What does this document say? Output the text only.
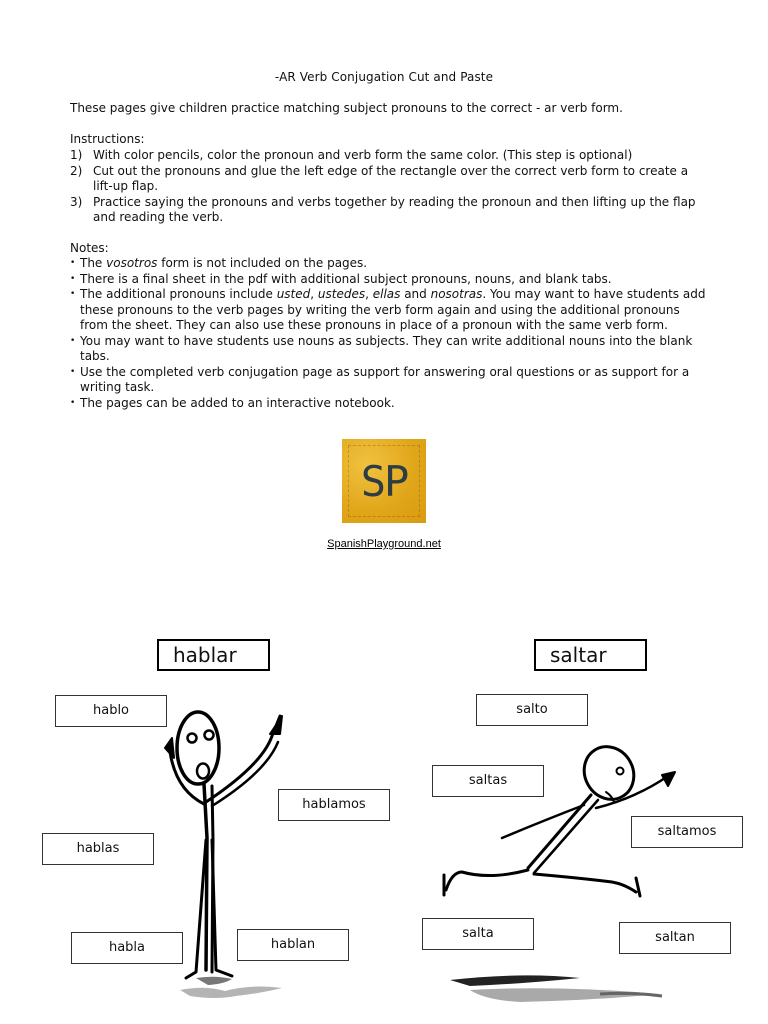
-AR Verb Conjugation Cut and Paste
These pages give children practice matching subject pronouns to the correct - ar verb form.
Instructions:
1) With color pencils, color the pronoun and verb form the same color. (This step is optional)
2) Cut out the pronouns and glue the left edge of the rectangle over the correct verb form to create a lift-up flap.
3) Practice saying the pronouns and verbs together by reading the pronoun and then lifting up the flap and reading the verb.
Notes:
• The vosotros form is not included on the pages.
• There is a final sheet in the pdf with additional subject pronouns, nouns, and blank tabs.
• The additional pronouns include usted, ustedes, ellas and nosotras. You may want to have students add these pronouns to the verb pages by writing the verb form again and using the additional pronouns from the sheet. They can also use these pronouns in place of a pronoun with the same verb form.
• You may want to have students use nouns as subjects. They can write additional nouns into the blank tabs.
• Use the completed verb conjugation page as support for answering oral questions or as support for a writing task.
• The pages can be added to an interactive notebook.
SP
SpanishPlayground.net
hablar
hablo
hablamos
hablas
habla	hablan
saltar
salto
saltas
saltamos
salta	saltan
